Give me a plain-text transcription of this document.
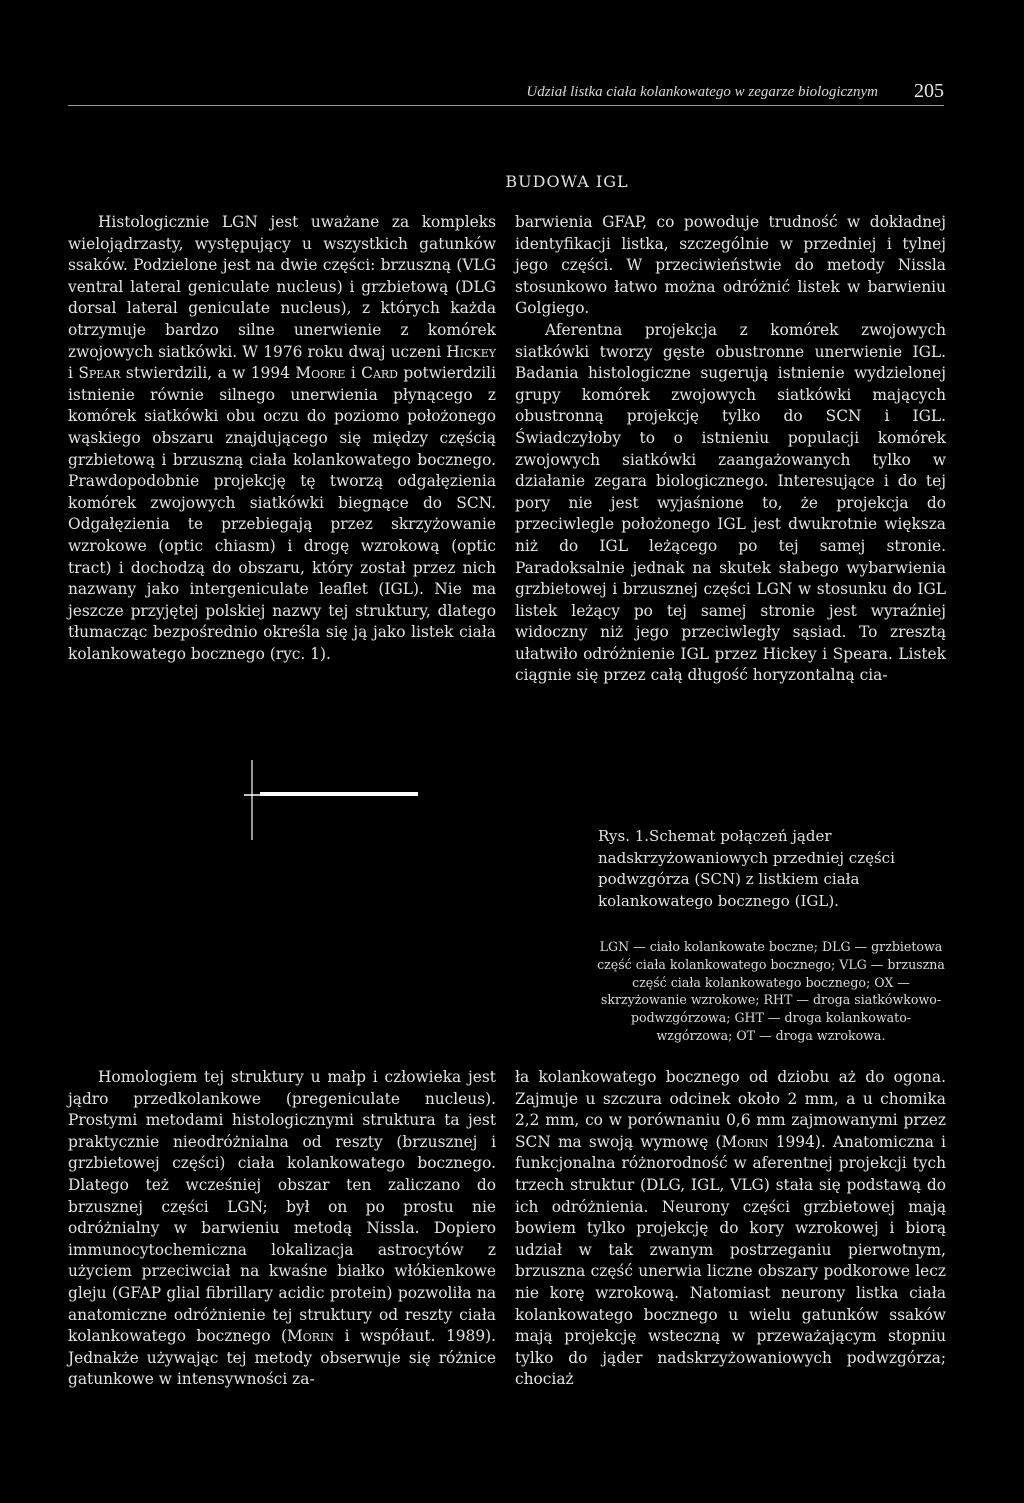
Udział listka ciała kolankowatego w zegarze biologicznym 205
BUDOWA IGL

Histologicznie LGN jest uważane za kompleks wielojądrzasty, występujący u wszystkich gatunków ssaków. Podzielone jest na dwie części: brzuszną (VLG ventral lateral geniculate nucleus) i grzbietową (DLG dorsal lateral geniculate nucleus), z których każda otrzymuje bardzo silne unerwienie z komórek zwojowych siatkówki. W 1976 roku dwaj uczeni Hickey i Spear stwierdzili, a w 1994 Moore i Card potwierdzili istnienie równie silnego unerwienia płynącego z komórek siatkówki obu oczu do poziomo położonego wąskiego obszaru znajdującego się między częścią grzbietową i brzuszną ciała kolankowatego bocznego. Prawdopodobnie projekcję tę tworzą odgałęzienia komórek zwojowych siatkówki biegnące do SCN. Odgałęzienia te przebiegają przez skrzyżowanie wzrokowe (optic chiasm) i drogę wzrokową (optic tract) i dochodzą do obszaru, który został przez nich nazwany jako intergeniculate leaflet (IGL). Nie ma jeszcze przyjętej polskiej nazwy tej struktury, dlatego tłumacząc bezpośrednio określa się ją jako listek ciała kolankowatego bocznego (ryc. 1).

barwienia GFAP, co powoduje trudność w dokładnej identyfikacji listka, szczególnie w przedniej i tylnej jego części. W przeciwieństwie do metody Nissla stosunkowo łatwo można odróżnić listek w barwieniu Golgiego.

Aferentna projekcja z komórek zwojowych siatkówki tworzy gęste obustronne unerwienie IGL. Badania histologiczne sugerują istnienie wydzielonej grupy komórek zwojowych siatkówki mających obustronną projekcję tylko do SCN i IGL. Świadczyłoby to o istnieniu populacji komórek zwojowych siatkówki zaangażowanych tylko w działanie zegara biologicznego. Interesujące i do tej pory nie jest wyjaśnione to, że projekcja do przeciwlegle położonego IGL jest dwukrotnie większa niż do IGL leżącego po tej samej stronie. Paradoksalnie jednak na skutek słabego wybarwienia grzbietowej i brzusznej części LGN w stosunku do IGL listek leżący po tej samej stronie jest wyraźniej widoczny niż jego przeciwległy sąsiad. To zresztą ułatwiło odróżnienie IGL przez Hickey i Speara. Listek ciągnie się przez całą długość horyzontalną cia-

Rys. 1.Schemat połączeń jąder nadskrzyżowaniowych przedniej części podwzgórza (SCN) z listkiem ciała kolankowatego bocznego (IGL).
LGN — ciało kolankowate boczne; DLG — grzbietowa część ciała kolankowatego bocznego; VLG — brzuszna część ciała kolankowatego bocznego; OX — skrzyżowanie wzrokowe; RHT — droga siatkówkowo-podwzgórzowa; GHT — droga kolankowato-wzgórzowa; OT — droga wzrokowa.

Homologiem tej struktury u małp i człowieka jest jądro przedkolankowe (pregeniculate nucleus). Prostymi metodami histologicznymi struktura ta jest praktycznie nieodróżnialna od reszty (brzusznej i grzbietowej części) ciała kolankowatego bocznego. Dlatego też wcześniej obszar ten zaliczano do brzusznej części LGN; był on po prostu nie odróżnialny w barwieniu metodą Nissla. Dopiero immunocytochemiczna lokalizacja astrocytów z użyciem przeciwciał na kwaśne białko włókienkowe gleju (GFAP glial fibrillary acidic protein) pozwoliła na anatomiczne odróżnienie tej struktury od reszty ciała kolankowatego bocznego (Morin i współaut. 1989). Jednakże używając tej metody obserwuje się różnice gatunkowe w intensywności za-

ła kolankowatego bocznego od dziobu aż do ogona. Zajmuje u szczura odcinek około 2 mm, a u chomika 2,2 mm, co w porównaniu 0,6 mm zajmowanymi przez SCN ma swoją wymowę (Morin 1994). Anatomiczna i funkcjonalna różnorodność w aferentnej projekcji tych trzech struktur (DLG, IGL, VLG) stała się podstawą do ich odróżnienia. Neurony części grzbietowej mają bowiem tylko projekcję do kory wzrokowej i biorą udział w tak zwanym postrzeganiu pierwotnym, brzuszna część unerwia liczne obszary podkorowe lecz nie korę wzrokową. Natomiast neurony listka ciała kolankowatego bocznego u wielu gatunków ssaków mają projekcję wsteczną w przeważającym stopniu tylko do jąder nadskrzyżowaniowych podwzgórza; chociaż
